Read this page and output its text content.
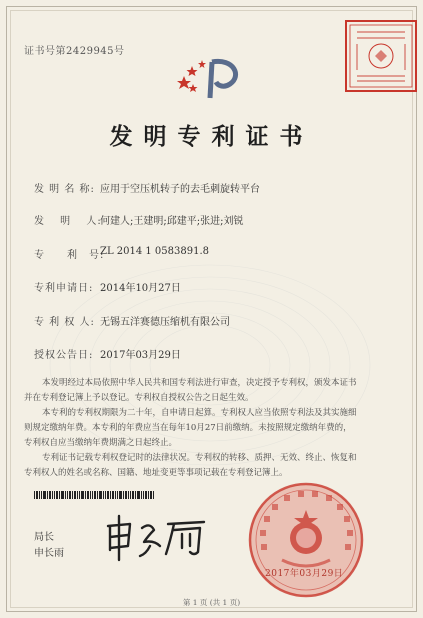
证书号第2429945号
发明专利证书
发 明 名 称: 应用于空压机转子的去毛刺旋转平台
发　 明　 人:
何建人;王建明;邱建平;张进;刘锐
专　　利　号:
ZL 2014 1 0583891.8
专利申请日: 2014年10月27日
专 利 权 人: 无锡五洋赛德压缩机有限公司
授权公告日: 2017年03月29日
本发明经过本局依照中华人民共和国专利法进行审查，决定授予专利权，颁发本证书
并在专利登记簿上予以登记。专利权自授权公告之日起生效。
本专利的专利权期限为二十年，自申请日起算。专利权人应当依照专利法及其实施细
则规定缴纳年费。本专利的年费应当在每年10月27日前缴纳。未按照规定缴纳年费的，
专利权自应当缴纳年费期满之日起终止。
专利证书记载专利权登记时的法律状况。专利权的转移、质押、无效、终止、恢复和
专利权人的姓名或名称、国籍、地址变更等事项记载在专利登记簿上。
局长
申长雨
2017年03月29日
第 1 页 (共 1 页)
